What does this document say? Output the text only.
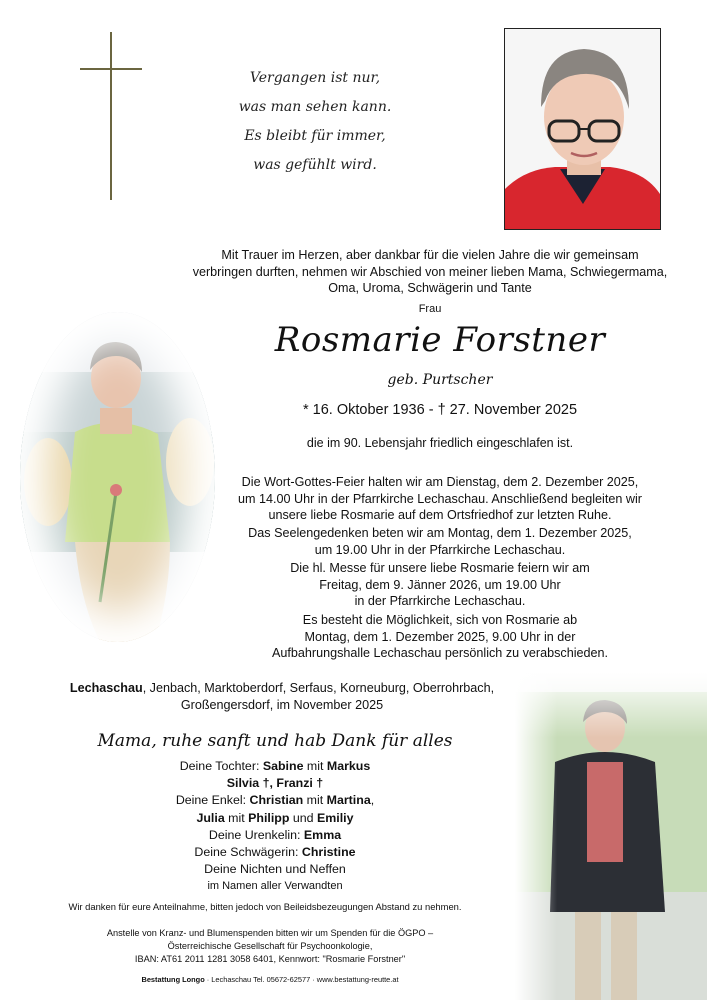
Vergangen ist nur,
was man sehen kann.
Es bleibt für immer,
was gefühlt wird.
Mit Trauer im Herzen, aber dankbar für die vielen Jahre die wir gemeinsam
verbringen durften, nehmen wir Abschied von meiner lieben Mama, Schwiegermama,
Oma, Uroma, Schwägerin und Tante
Frau
Rosmarie Forstner
geb. Purtscher
* 16. Oktober 1936 - † 27. November 2025
die im 90. Lebensjahr friedlich eingeschlafen ist.
Die Wort-Gottes-Feier halten wir am Dienstag, dem 2. Dezember 2025,
um 14.00 Uhr in der Pfarrkirche Lechaschau. Anschließend begleiten wir
unsere liebe Rosmarie auf dem Ortsfriedhof zur letzten Ruhe.
Das Seelengedenken beten wir am Montag, dem 1. Dezember 2025,
um 19.00 Uhr in der Pfarrkirche Lechaschau.
Die hl. Messe für unsere liebe Rosmarie feiern wir am
Freitag, dem 9. Jänner 2026, um 19.00 Uhr
in der Pfarrkirche Lechaschau.
Es besteht die Möglichkeit, sich von Rosmarie ab
Montag, dem 1. Dezember 2025, 9.00 Uhr in der
Aufbahrungshalle Lechaschau persönlich zu verabschieden.
Lechaschau, Jenbach, Marktoberdorf, Serfaus, Korneuburg, Oberrohrbach,
Großengersdorf, im November 2025
Mama, ruhe sanft und hab Dank für alles
Deine Tochter: Sabine mit Markus
Silvia †, Franzi †
Deine Enkel: Christian mit Martina,
Julia mit Philipp und Emiliy
Deine Urenkelin: Emma
Deine Schwägerin: Christine
Deine Nichten und Neffen
im Namen aller Verwandten
Wir danken für eure Anteilnahme, bitten jedoch von Beileidsbezeugungen Abstand zu nehmen.
Anstelle von Kranz- und Blumenspenden bitten wir um Spenden für die ÖGPO –
Österreichische Gesellschaft für Psychoonkologie,
IBAN: AT61 2011 1281 3058 6401, Kennwort: "Rosmarie Forstner"
Bestattung Longo · Lechaschau Tel. 05672-62577 · www.bestattung-reutte.at
